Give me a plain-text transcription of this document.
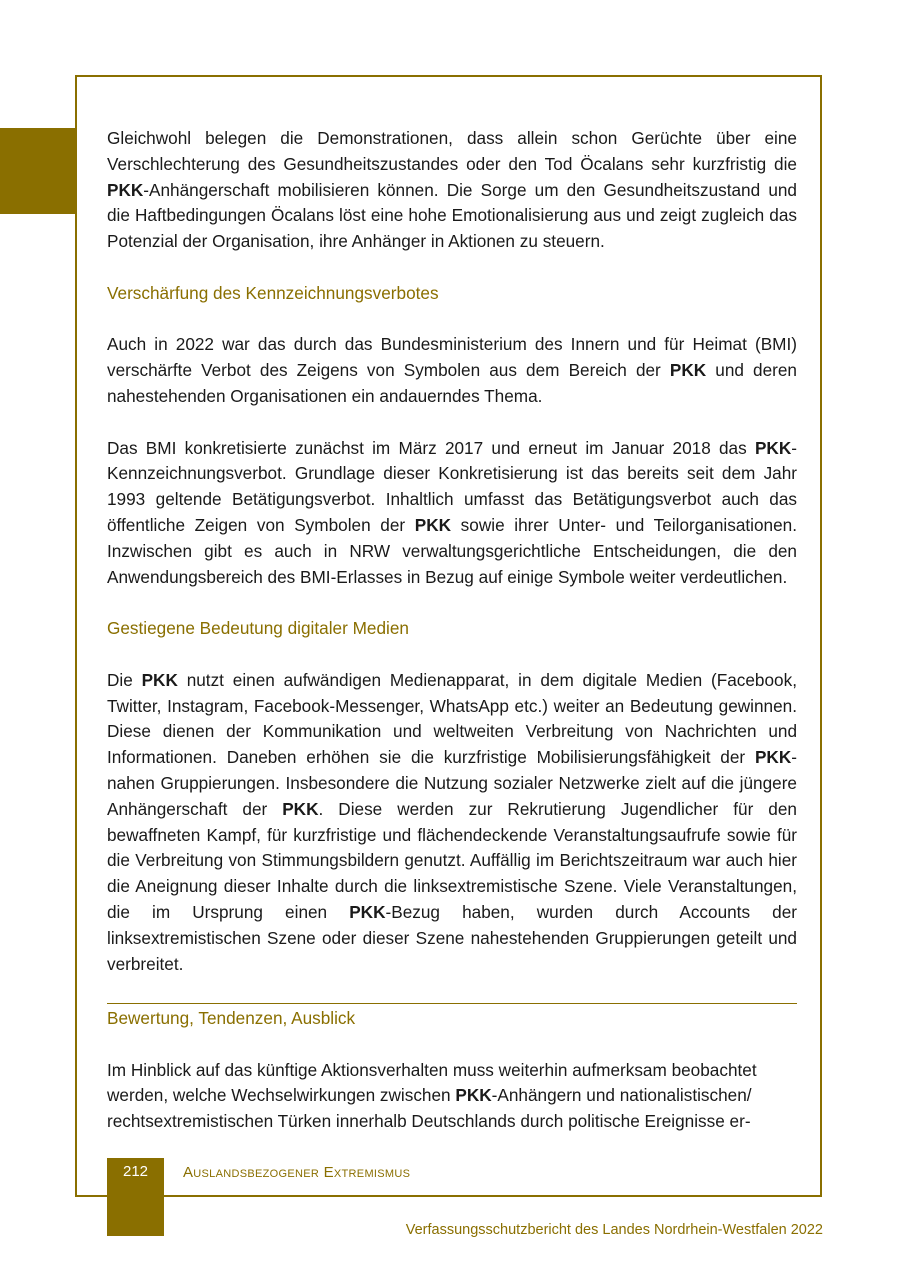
Gleichwohl belegen die Demonstrationen, dass allein schon Gerüchte über eine Verschlechterung des Gesundheitszustandes oder den Tod Öcalans sehr kurzfristig die PKK-Anhängerschaft mobilisieren können. Die Sorge um den Gesundheitszustand und die Haftbedingungen Öcalans löst eine hohe Emotionalisierung aus und zeigt zugleich das Potenzial der Organisation, ihre Anhänger in Aktionen zu steuern.

Verschärfung des Kennzeichnungsverbotes

Auch in 2022 war das durch das Bundesministerium des Innern und für Heimat (BMI) verschärfte Verbot des Zeigens von Symbolen aus dem Bereich der PKK und deren nahestehenden Organisationen ein andauerndes Thema.

Das BMI konkretisierte zunächst im März 2017 und erneut im Januar 2018 das PKK-Kennzeichnungsverbot. Grundlage dieser Konkretisierung ist das bereits seit dem Jahr 1993 geltende Betätigungsverbot. Inhaltlich umfasst das Betätigungsverbot auch das öffentliche Zeigen von Symbolen der PKK sowie ihrer Unter- und Teilorganisationen. Inzwischen gibt es auch in NRW verwaltungsgerichtliche Entscheidungen, die den Anwendungsbereich des BMI-Erlasses in Bezug auf einige Symbole weiter verdeutlichen.

Gestiegene Bedeutung digitaler Medien

Die PKK nutzt einen aufwändigen Medienapparat, in dem digitale Medien (Facebook, Twitter, Instagram, Facebook-Messenger, WhatsApp etc.) weiter an Bedeutung gewinnen. Diese dienen der Kommunikation und weltweiten Verbreitung von Nachrichten und Informationen. Daneben erhöhen sie die kurzfristige Mobilisierungsfähigkeit der PKK-nahen Gruppierungen. Insbesondere die Nutzung sozialer Netzwerke zielt auf die jüngere Anhängerschaft der PKK. Diese werden zur Rekrutierung Jugendlicher für den bewaffneten Kampf, für kurzfristige und flächendeckende Veranstaltungsaufrufe sowie für die Verbreitung von Stimmungsbildern genutzt. Auffällig im Berichtszeitraum war auch hier die Aneignung dieser Inhalte durch die linksextremistische Szene. Viele Veranstaltungen, die im Ursprung einen PKK-Bezug haben, wurden durch Accounts der linksextremistischen Szene oder dieser Szene nahestehenden Gruppierungen geteilt und verbreitet.

Bewertung, Tendenzen, Ausblick

Im Hinblick auf das künftige Aktionsverhalten muss weiterhin aufmerksam beobachtet werden, welche Wechselwirkungen zwischen PKK-Anhängern und nationalistischen/ rechtsextremistischen Türken innerhalb Deutschlands durch politische Ereignisse er-

212	Auslandsbezogener Extremismus
Verfassungsschutzbericht des Landes Nordrhein-Westfalen 2022
